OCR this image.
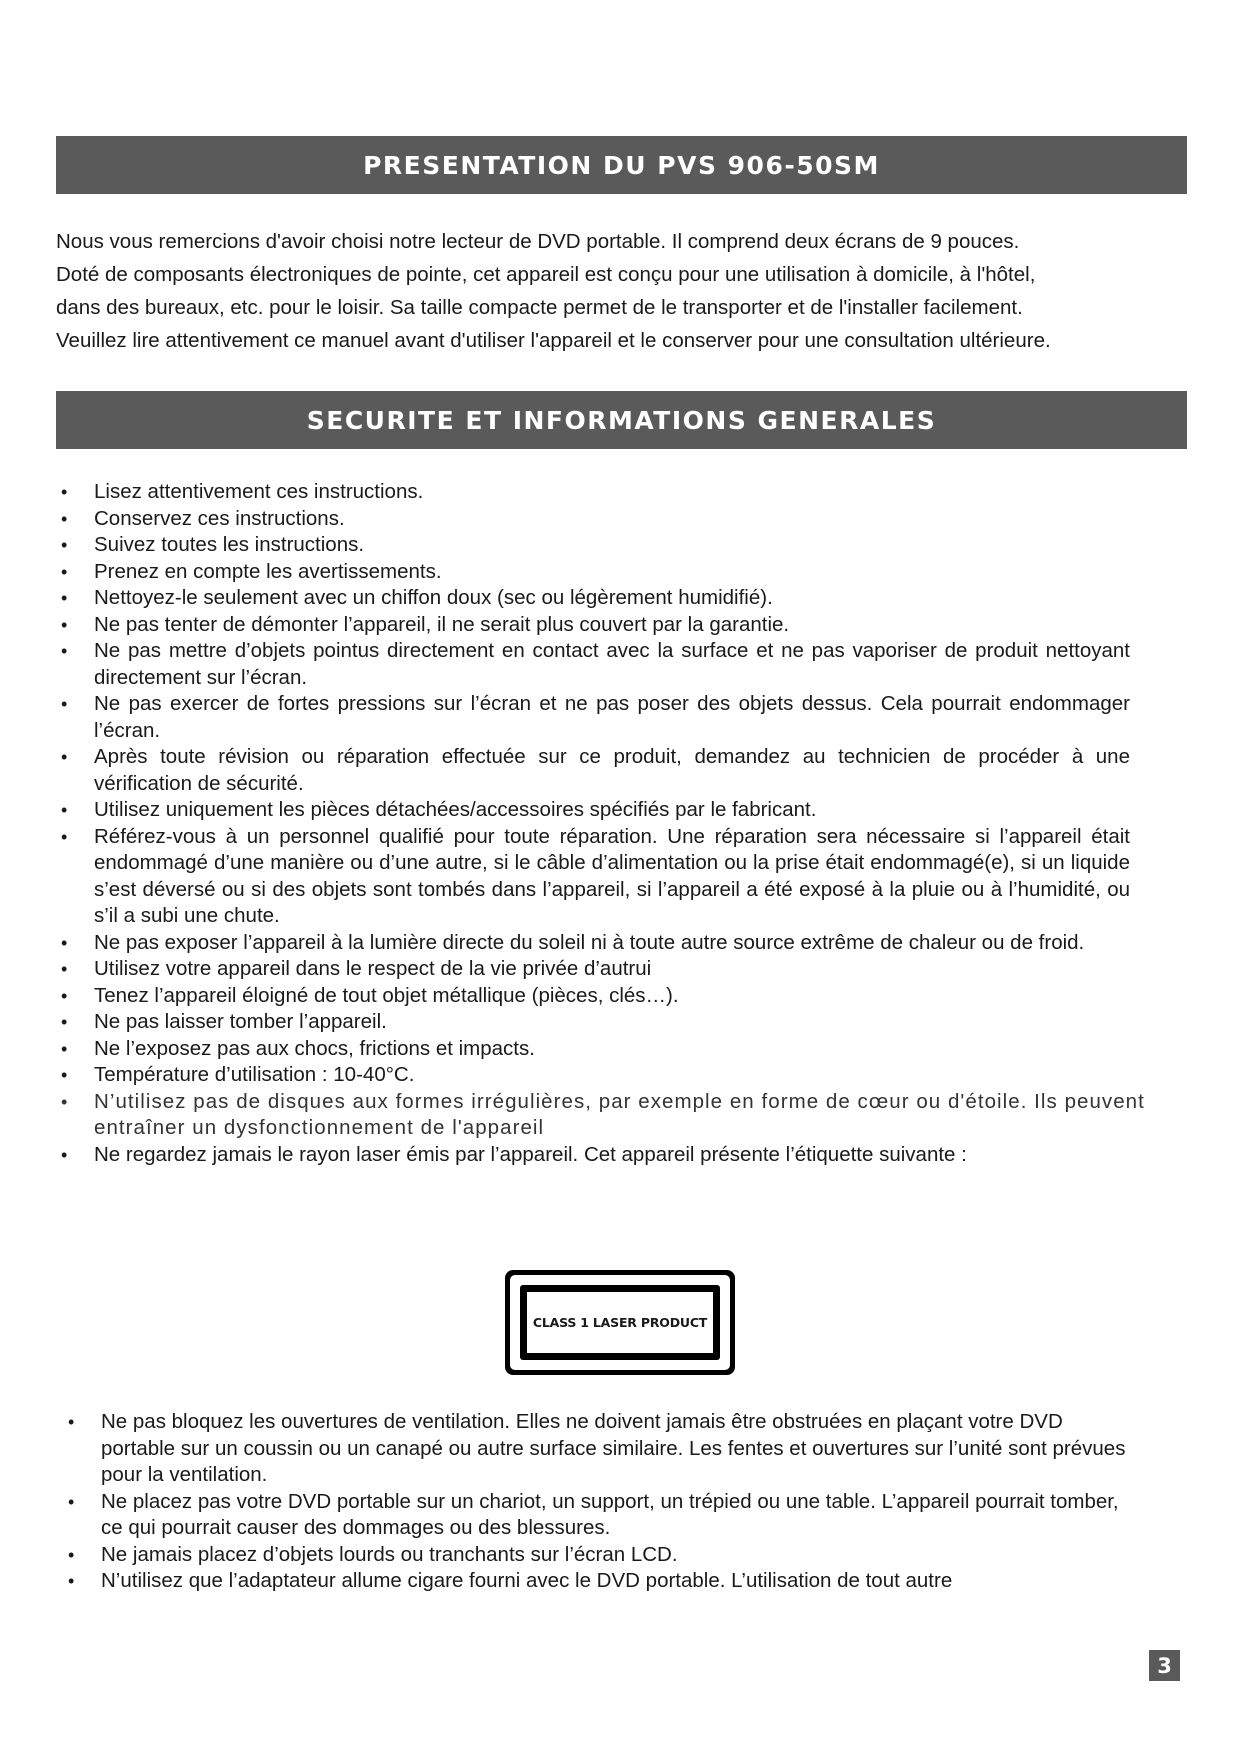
PRESENTATION DU PVS 906-50SM

Nous vous remercions d'avoir choisi notre lecteur de DVD portable. Il comprend deux écrans de 9 pouces.

Doté de composants électroniques de pointe, cet appareil est conçu pour une utilisation à domicile, à l'hôtel,

dans des bureaux, etc. pour le loisir. Sa taille compacte permet de le transporter et de l'installer facilement.

Veuillez lire attentivement ce manuel avant d'utiliser l'appareil et le conserver pour une consultation ultérieure.

SECURITE ET INFORMATIONS GENERALES
• Lisez attentivement ces instructions.
• Conservez ces instructions.
• Suivez toutes les instructions.
• Prenez en compte les avertissements.
• Nettoyez-le seulement avec un chiffon doux (sec ou légèrement humidifié).
• Ne pas tenter de démonter l’appareil, il ne serait plus couvert par la garantie.
• Ne pas mettre d’objets pointus directement en contact avec la surface et ne pas vaporiser de produit nettoyant directement sur l’écran.
• Ne pas exercer de fortes pressions sur l’écran et ne pas poser des objets dessus. Cela pourrait endommager l’écran.
• Après toute révision ou réparation effectuée sur ce produit, demandez au technicien de procéder à une vérification de sécurité.
• Utilisez uniquement les pièces détachées/accessoires spécifiés par le fabricant.
• Référez-vous à un personnel qualifié pour toute réparation. Une réparation sera nécessaire si l’appareil était endommagé d’une manière ou d’une autre, si le câble d’alimentation ou la prise était endommagé(e), si un liquide s’est déversé ou si des objets sont tombés dans l’appareil, si l’appareil a été exposé à la pluie ou à l’humidité, ou s’il a subi une chute.
• Ne pas exposer l’appareil à la lumière directe du soleil ni à toute autre source extrême de chaleur ou de froid.
• Utilisez votre appareil dans le respect de la vie privée d’autrui
• Tenez l’appareil éloigné de tout objet métallique (pièces, clés…).
• Ne pas laisser tomber l’appareil.
• Ne l’exposez pas aux chocs, frictions et impacts.
• Température d’utilisation : 10-40°C.
• N’utilisez pas de disques aux formes irrégulières, par exemple en forme de cœur ou d'étoile. Ils peuvent entraîner un dysfonctionnement de l'appareil
• Ne regardez jamais le rayon laser émis par l’appareil. Cet appareil présente l’étiquette suivante :
CLASS 1 LASER PRODUCT
• Ne pas bloquez les ouvertures de ventilation. Elles ne doivent jamais être obstruées en plaçant votre DVD portable sur un coussin ou un canapé ou autre surface similaire. Les fentes et ouvertures sur l’unité sont prévues pour la ventilation.
• Ne placez pas votre DVD portable sur un chariot, un support, un trépied ou une table. L’appareil pourrait tomber, ce qui pourrait causer des dommages ou des blessures.
• Ne jamais placez d’objets lourds ou tranchants sur l’écran LCD.
• N’utilisez que l’adaptateur allume cigare fourni avec le DVD portable. L’utilisation de tout autre
3
